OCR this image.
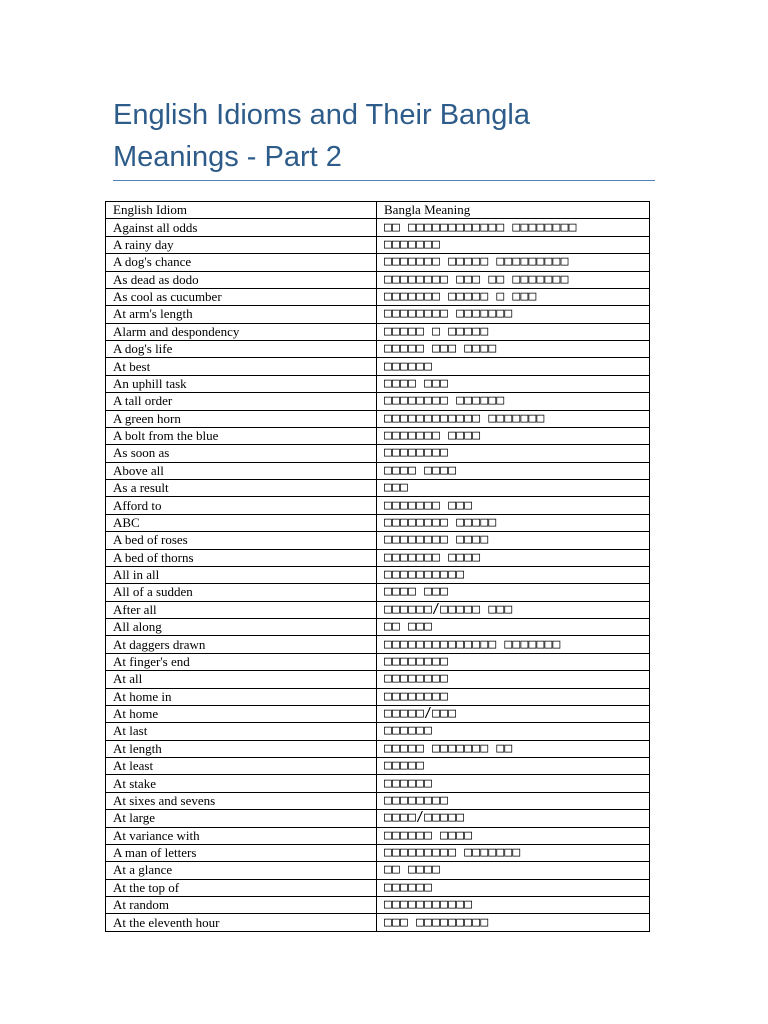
English Idioms and Their Bangla Meanings - Part 2
English Idiom	Bangla Meaning
Against all odds	□□ □□□□□□□□□□□□ □□□□□□□□
A rainy day	□□□□□□□
A dog's chance	□□□□□□□ □□□□□ □□□□□□□□□
As dead as dodo	□□□□□□□□ □□□ □□ □□□□□□□
As cool as cucumber	□□□□□□□ □□□□□ □ □□□
At arm's length	□□□□□□□□ □□□□□□□
Alarm and despondency	□□□□□ □ □□□□□
A dog's life	□□□□□ □□□ □□□□
At best	□□□□□□
An uphill task	□□□□ □□□
A tall order	□□□□□□□□ □□□□□□
A green horn	□□□□□□□□□□□□ □□□□□□□
A bolt from the blue	□□□□□□□ □□□□
As soon as	□□□□□□□□
Above all	□□□□ □□□□
As a result	□□□
Afford to	□□□□□□□ □□□
ABC	□□□□□□□□ □□□□□
A bed of roses	□□□□□□□□ □□□□
A bed of thorns	□□□□□□□ □□□□
All in all	□□□□□□□□□□
All of a sudden	□□□□ □□□
After all	□□□□□□/□□□□□ □□□
All along	□□ □□□
At daggers drawn	□□□□□□□□□□□□□□ □□□□□□□
At finger's end	□□□□□□□□
At all	□□□□□□□□
At home in	□□□□□□□□
At home	□□□□□/□□□
At last	□□□□□□
At length	□□□□□ □□□□□□□ □□
At least	□□□□□
At stake	□□□□□□
At sixes and sevens	□□□□□□□□
At large	□□□□/□□□□□
At variance with	□□□□□□ □□□□
A man of letters	□□□□□□□□□ □□□□□□□
At a glance	□□ □□□□
At the top of	□□□□□□
At random	□□□□□□□□□□□
At the eleventh hour	□□□ □□□□□□□□□
